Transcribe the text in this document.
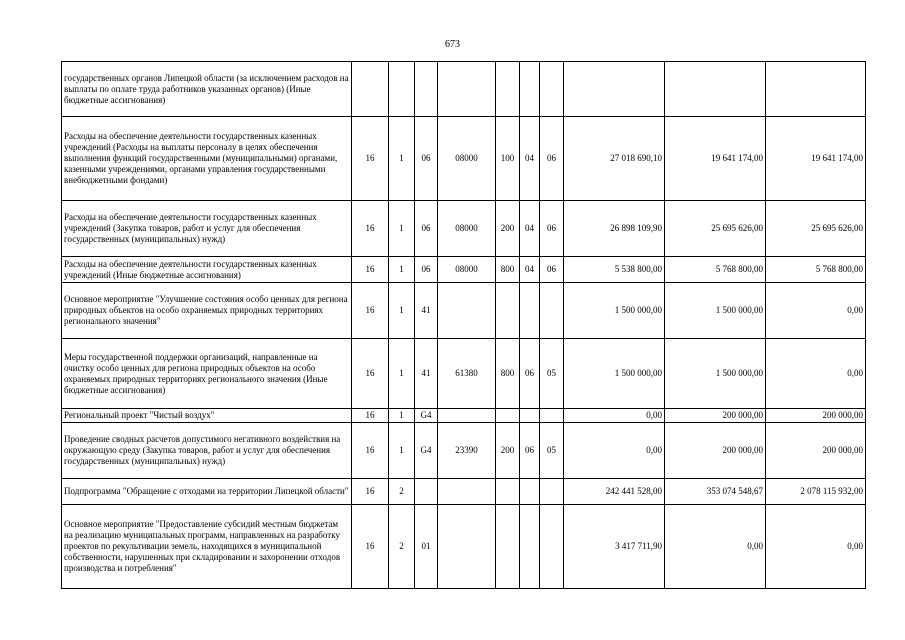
673
государственных органов Липецкой области (за исключением расходов на выплаты по оплате труда работников указанных органов) (Иные бюджетные ассигнования)										
Расходы на обеспечение деятельности государственных казенных учреждений (Расходы на выплаты персоналу в целях обеспечения выполнения функций государственными (муниципальными) органами, казенными учреждениями, органами управления государственными внебюджетными фондами)	16	1	06	08000	100	04	06	27 018 690,10	19 641 174,00	19 641 174,00
Расходы на обеспечение деятельности государственных казенных учреждений (Закупка товаров, работ и услуг для обеспечения государственных (муниципальных) нужд)	16	1	06	08000	200	04	06	26 898 109,90	25 695 626,00	25 695 626,00
Расходы на обеспечение деятельности государственных казенных учреждений (Иные бюджетные ассигнования)	16	1	06	08000	800	04	06	5 538 800,00	5 768 800,00	5 768 800,00
Основное мероприятие "Улучшение состояния особо ценных для региона природных объектов на особо охраняемых природных территориях регионального значения"	16	1	41					1 500 000,00	1 500 000,00	0,00
Меры государственной поддержки организаций, направленные на очистку особо ценных для региона природных объектов на особо охраняемых природных территориях регионального значения (Иные бюджетные ассигнования)	16	1	41	61380	800	06	05	1 500 000,00	1 500 000,00	0,00
Региональный проект "Чистый воздух"	16	1	G4					0,00	200 000,00	200 000,00
Проведение сводных расчетов допустимого негативного воздействия на окружающую среду (Закупка товаров, работ и услуг для обеспечения государственных (муниципальных) нужд)	16	1	G4	23390	200	06	05	0,00	200 000,00	200 000,00
Подпрограмма "Обращение с отходами на территории Липецкой области"	16	2						242 441 528,00	353 074 548,67	2 078 115 932,00
Основное мероприятие "Предоставление субсидий местным бюджетам на реализацию муниципальных программ, направленных на разработку проектов по рекультивации земель, находящихся в муниципальной собственности, нарушенных при складировании и захоронении отходов производства и потребления"	16	2	01					3 417 711,90	0,00	0,00
